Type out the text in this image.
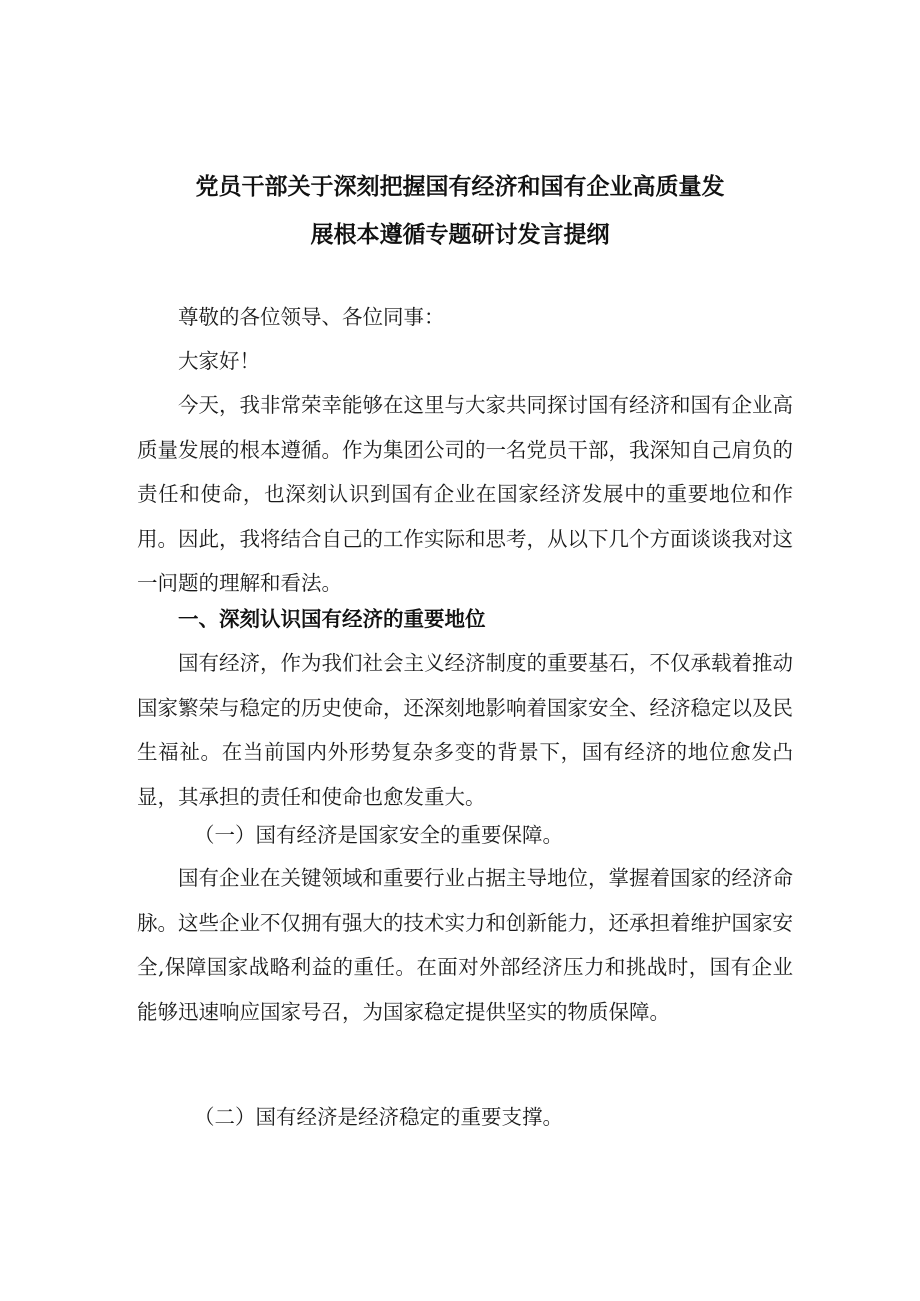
党员干部关于深刻把握国有经济和国有企业高质量发
展根本遵循专题研讨发言提纲

尊敬的各位领导、各位同事：

大家好！

今天，我非常荣幸能够在这里与大家共同探讨国有经济和国有企业高质量发展的根本遵循。作为集团公司的一名党员干部，我深知自己肩负的责任和使命，也深刻认识到国有企业在国家经济发展中的重要地位和作用。因此，我将结合自己的工作实际和思考，从以下几个方面谈谈我对这一问题的理解和看法。

一、深刻认识国有经济的重要地位

国有经济，作为我们社会主义经济制度的重要基石，不仅承载着推动国家繁荣与稳定的历史使命，还深刻地影响着国家安全、经济稳定以及民生福祉。在当前国内外形势复杂多变的背景下，国有经济的地位愈发凸显，其承担的责任和使命也愈发重大。

（一）国有经济是国家安全的重要保障。

国有企业在关键领域和重要行业占据主导地位，掌握着国家的经济命脉。这些企业不仅拥有强大的技术实力和创新能力，还承担着维护国家安全,保障国家战略利益的重任。在面对外部经济压力和挑战时，国有企业能够迅速响应国家号召，为国家稳定提供坚实的物质保障。

（二）国有经济是经济稳定的重要支撑。
